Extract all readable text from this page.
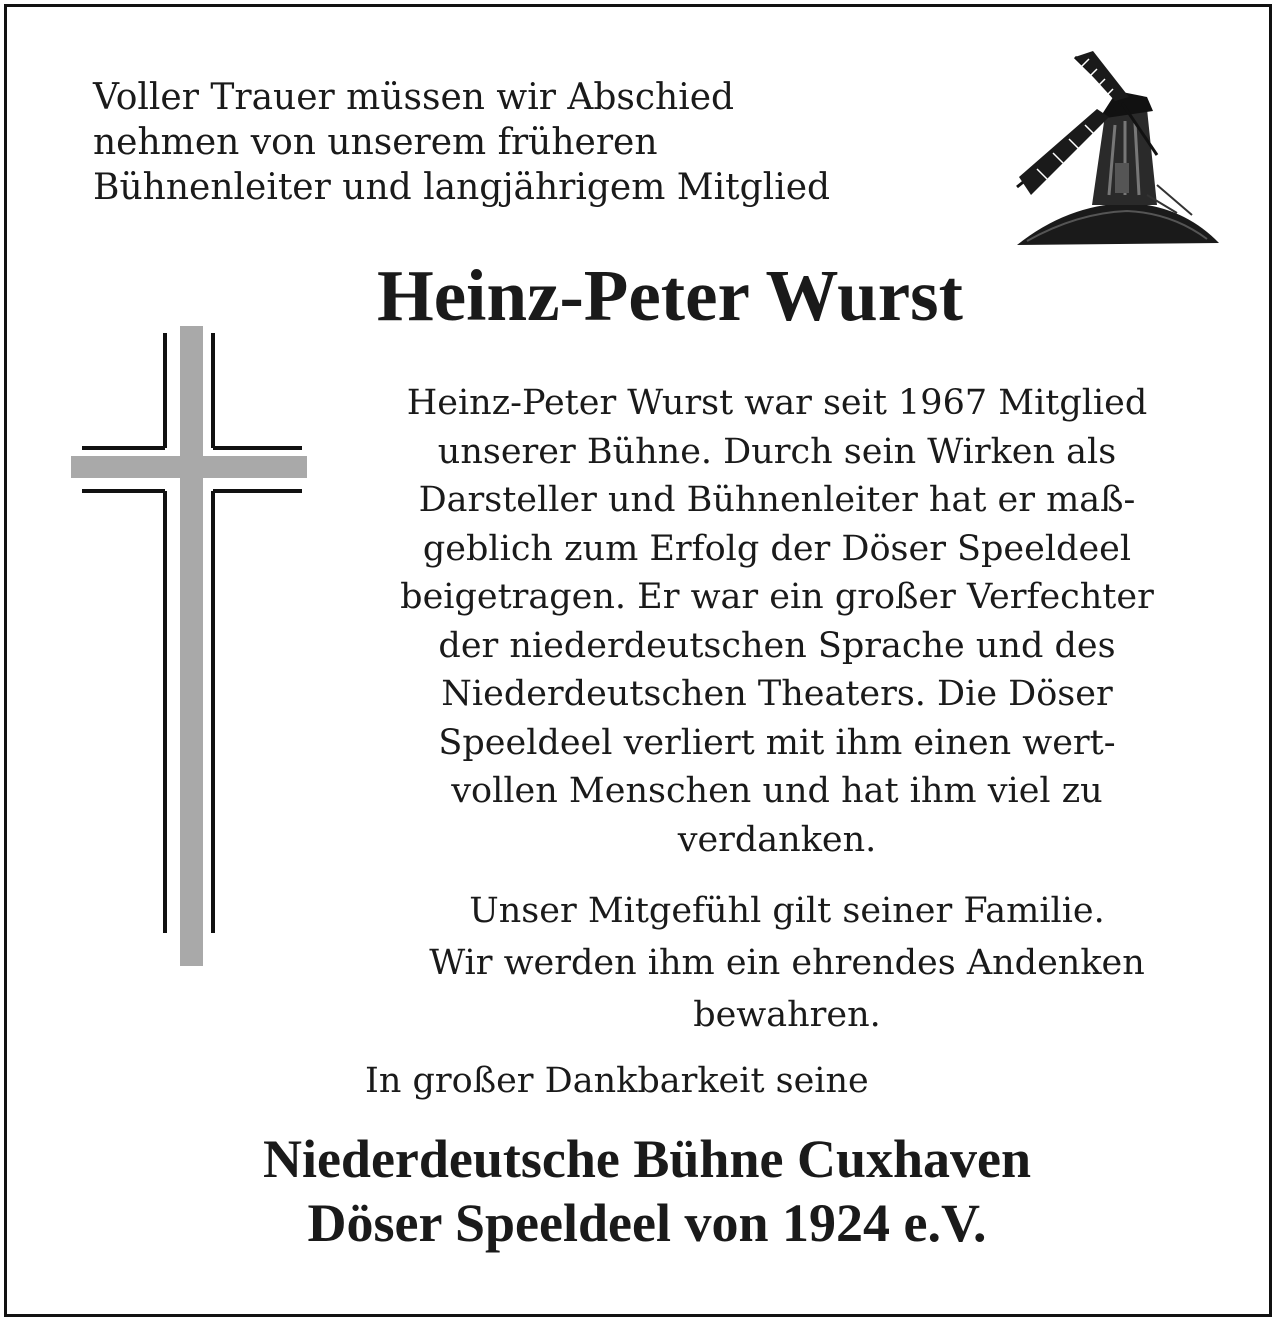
Voller Trauer müssen wir Abschied
nehmen von unserem früheren
Bühnenleiter und langjährigem Mitglied
Heinz-Peter Wurst
Heinz-Peter Wurst war seit 1967 Mitglied
unserer Bühne. Durch sein Wirken als
Darsteller und Bühnenleiter hat er maß-
geblich zum Erfolg der Döser Speeldeel
beigetragen. Er war ein großer Verfechter
der niederdeutschen Sprache und des
Niederdeutschen Theaters. Die Döser
Speeldeel verliert mit ihm einen wert-
vollen Menschen und hat ihm viel zu
verdanken.
Unser Mitgefühl gilt seiner Familie.
Wir werden ihm ein ehrendes Andenken
bewahren.

In großer Dankbarkeit seine

Niederdeutsche Bühne Cuxhaven
Döser Speeldeel von 1924 e.V.
